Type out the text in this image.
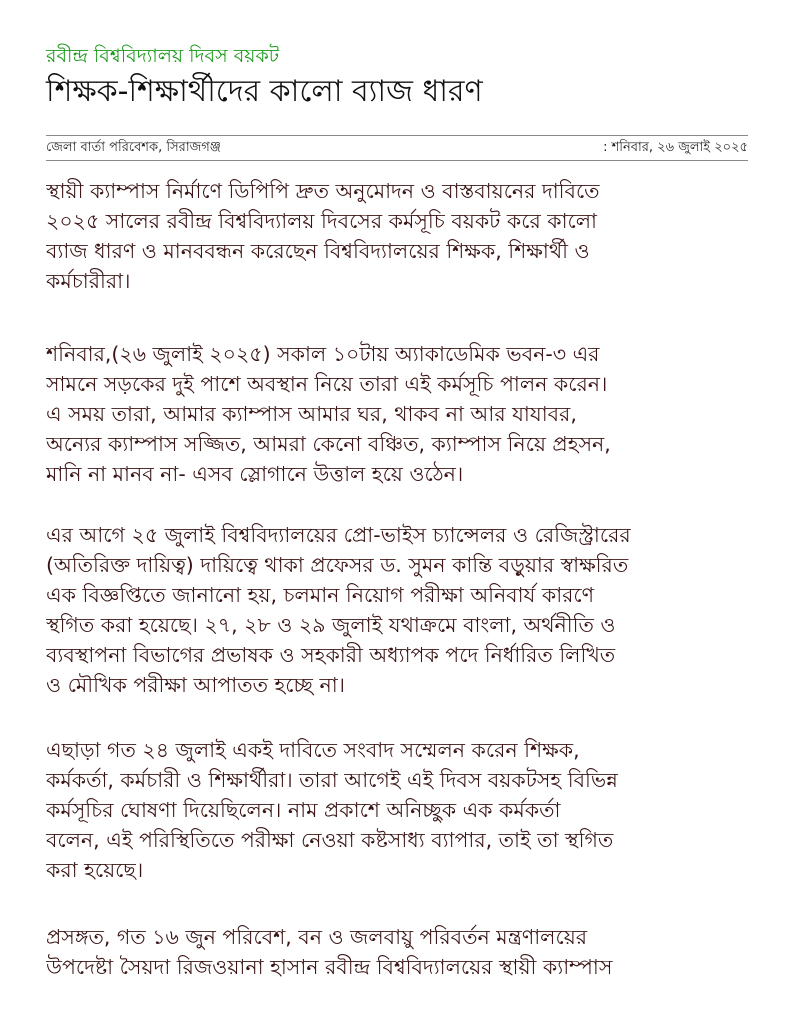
রবীন্দ্র বিশ্ববিদ্যালয় দিবস বয়কট
শিক্ষক-শিক্ষার্থীদের কালো ব্যাজ ধারণ
জেলা বার্তা পরিবেশক, সিরাজগঞ্জ	: শনিবার, ২৬ জুলাই ২০২৫

স্থায়ী ক্যাম্পাস নির্মাণে ডিপিপি দ্রুত অনুমোদন ও বাস্তবায়নের দাবিতে
২০২৫ সালের রবীন্দ্র বিশ্ববিদ্যালয় দিবসের কর্মসূচি বয়কট করে কালো
ব্যাজ ধারণ ও মানববন্ধন করেছেন বিশ্ববিদ্যালয়ের শিক্ষক, শিক্ষার্থী ও
কর্মচারীরা।

শনিবার,(২৬ জুলাই ২০২৫) সকাল ১০টায় অ্যাকাডেমিক ভবন-৩ এর
সামনে সড়কের দুই পাশে অবস্থান নিয়ে তারা এই কর্মসূচি পালন করেন।
এ সময় তারা, আমার ক্যাম্পাস আমার ঘর, থাকব না আর যাযাবর,
অন্যের ক্যাম্পাস সজ্জিত, আমরা কেনো বঞ্চিত, ক্যাম্পাস নিয়ে প্রহসন,
মানি না মানব না- এসব স্লোগানে উত্তাল হয়ে ওঠেন।

এর আগে ২৫ জুলাই বিশ্ববিদ্যালয়ের প্রো-ভাইস চ্যান্সেলর ও রেজিস্ট্রারের
(অতিরিক্ত দায়িত্ব) দায়িত্বে থাকা প্রফেসর ড. সুমন কান্তি বড়ুয়ার স্বাক্ষরিত
এক বিজ্ঞপ্তিতে জানানো হয়, চলমান নিয়োগ পরীক্ষা অনিবার্য কারণে
স্থগিত করা হয়েছে। ২৭, ২৮ ও ২৯ জুলাই যথাক্রমে বাংলা, অর্থনীতি ও
ব্যবস্থাপনা বিভাগের প্রভাষক ও সহকারী অধ্যাপক পদে নির্ধারিত লিখিত
ও মৌখিক পরীক্ষা আপাতত হচ্ছে না।

এছাড়া গত ২৪ জুলাই একই দাবিতে সংবাদ সম্মেলন করেন শিক্ষক,
কর্মকর্তা, কর্মচারী ও শিক্ষার্থীরা। তারা আগেই এই দিবস বয়কটসহ বিভিন্ন
কর্মসূচির ঘোষণা দিয়েছিলেন। নাম প্রকাশে অনিচ্ছুক এক কর্মকর্তা
বলেন, এই পরিস্থিতিতে পরীক্ষা নেওয়া কষ্টসাধ্য ব্যাপার, তাই তা স্থগিত
করা হয়েছে।

প্রসঙ্গত, গত ১৬ জুন পরিবেশ, বন ও জলবায়ু পরিবর্তন মন্ত্রণালয়ের
উপদেষ্টা সৈয়দা রিজওয়ানা হাসান রবীন্দ্র বিশ্ববিদ্যালয়ের স্থায়ী ক্যাম্পাস
